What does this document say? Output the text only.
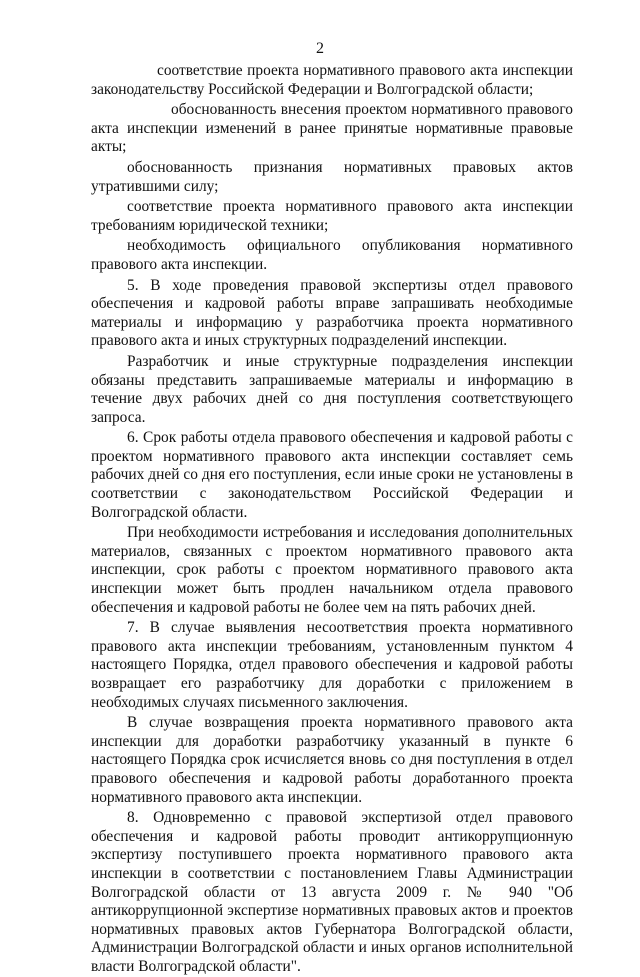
2

соответствие проекта нормативного правового акта инспекции законодательству Российской Федерации и Волгоградской области;

обоснованность внесения проектом нормативного правового акта инспекции изменений в ранее принятые нормативные правовые акты;

обоснованность признания нормативных правовых актов утратившими силу;

соответствие проекта нормативного правового акта инспекции требованиям юридической техники;

необходимость официального опубликования нормативного правового акта инспекции.

5. В ходе проведения правовой экспертизы отдел правового обеспечения и кадровой работы вправе запрашивать необходимые материалы и информацию у разработчика проекта нормативного правового акта и иных структурных подразделений инспекции.

Разработчик и иные структурные подразделения инспекции обязаны представить запрашиваемые материалы и информацию в течение двух рабочих дней со дня поступления соответствующего запроса.

6. Срок работы отдела правового обеспечения и кадровой работы с проектом нормативного правового акта инспекции составляет семь рабочих дней со дня его поступления, если иные сроки не установлены в соответствии с законодательством Российской Федерации и Волгоградской области.

При необходимости истребования и исследования дополнительных материалов, связанных с проектом нормативного правового акта инспекции, срок работы с проектом нормативного правового акта инспекции может быть продлен начальником отдела правового обеспечения и кадровой работы не более чем на пять рабочих дней.

7. В случае выявления несоответствия проекта нормативного правового акта инспекции требованиям, установленным пунктом 4 настоящего Порядка, отдел правового обеспечения и кадровой работы возвращает его разработчику для доработки с приложением в необходимых случаях письменного заключения.

В случае возвращения проекта нормативного правового акта инспекции для доработки разработчику указанный в пункте 6 настоящего Порядка срок исчисляется вновь со дня поступления в отдел правового обеспечения и кадровой работы доработанного проекта нормативного правового акта инспекции.

8. Одновременно с правовой экспертизой отдел правового обеспечения и кадровой работы проводит антикоррупционную экспертизу поступившего проекта нормативного правового акта инспекции в соответствии с постановлением Главы Администрации Волгоградской области от 13 августа 2009 г. № 940 "Об антикоррупционной экспертизе нормативных правовых актов и проектов нормативных правовых актов Губернатора Волгоградской области, Администрации Волгоградской области и иных органов исполнительной власти Волгоградской области".
